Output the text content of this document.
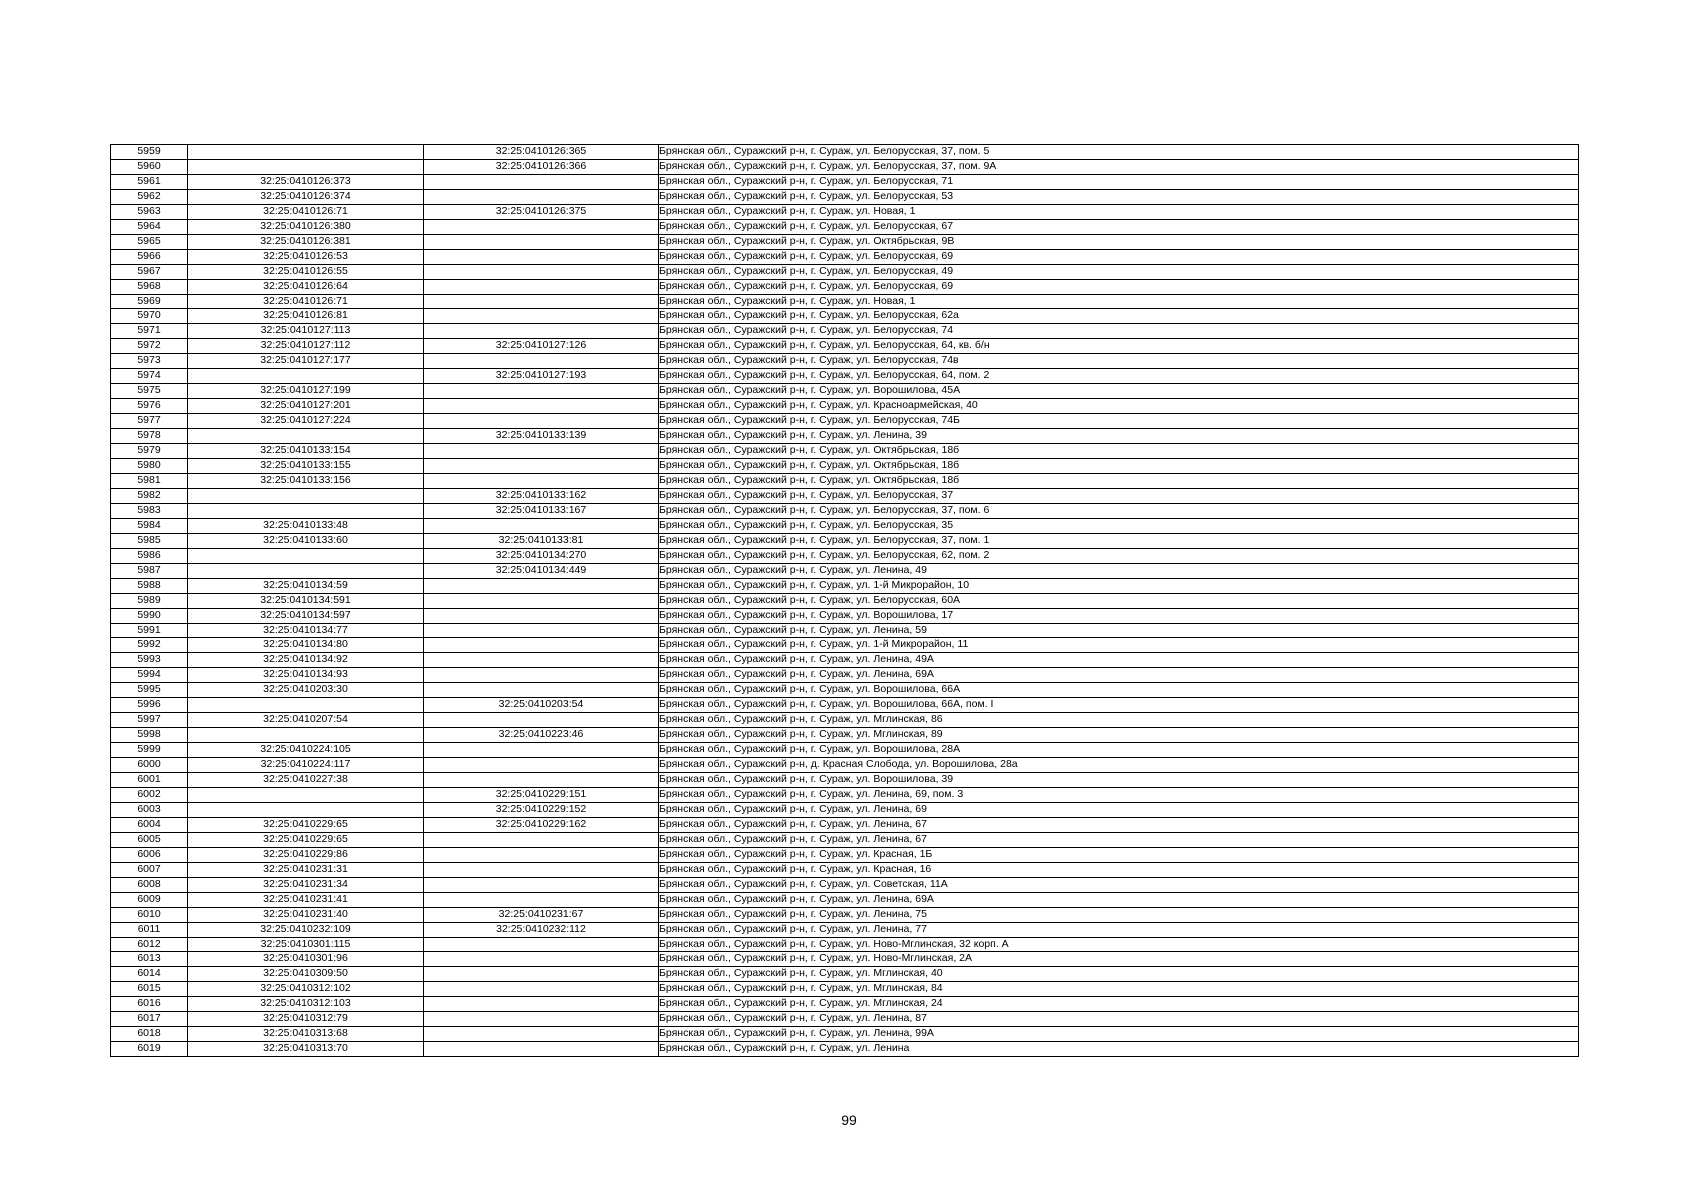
5959		32:25:0410126:365	Брянская обл., Суражский р-н, г. Сураж, ул. Белорусская, 37, пом. 5
5960		32:25:0410126:366	Брянская обл., Суражский р-н, г. Сураж, ул. Белорусская, 37, пом. 9А
5961	32:25:0410126:373		Брянская обл., Суражский р-н, г. Сураж, ул. Белорусская, 71
5962	32:25:0410126:374		Брянская обл., Суражский р-н, г. Сураж, ул. Белорусская, 53
5963	32:25:0410126:71	32:25:0410126:375	Брянская обл., Суражский р-н, г. Сураж, ул. Новая, 1
5964	32:25:0410126:380		Брянская обл., Суражский р-н, г. Сураж, ул. Белорусская, 67
5965	32:25:0410126:381		Брянская обл., Суражский р-н, г. Сураж, ул. Октябрьская, 9В
5966	32:25:0410126:53		Брянская обл., Суражский р-н, г. Сураж, ул. Белорусская, 69
5967	32:25:0410126:55		Брянская обл., Суражский р-н, г. Сураж, ул. Белорусская, 49
5968	32:25:0410126:64		Брянская обл., Суражский р-н, г. Сураж, ул. Белорусская, 69
5969	32:25:0410126:71		Брянская обл., Суражский р-н, г. Сураж, ул. Новая, 1
5970	32:25:0410126:81		Брянская обл., Суражский р-н, г. Сураж, ул. Белорусская, 62а
5971	32:25:0410127:113		Брянская обл., Суражский р-н, г. Сураж, ул. Белорусская, 74
5972	32:25:0410127:112	32:25:0410127:126	Брянская обл., Суражский р-н, г. Сураж, ул. Белорусская, 64, кв. б/н
5973	32:25:0410127:177		Брянская обл., Суражский р-н, г. Сураж, ул. Белорусская, 74в
5974		32:25:0410127:193	Брянская обл., Суражский р-н, г. Сураж, ул. Белорусская, 64, пом. 2
5975	32:25:0410127:199		Брянская обл., Суражский р-н, г. Сураж, ул. Ворошилова, 45А
5976	32:25:0410127:201		Брянская обл., Суражский р-н, г. Сураж, ул. Красноармейская, 40
5977	32:25:0410127:224		Брянская обл., Суражский р-н, г. Сураж, ул. Белорусская, 74Б
5978		32:25:0410133:139	Брянская обл., Суражский р-н, г. Сураж, ул. Ленина, 39
5979	32:25:0410133:154		Брянская обл., Суражский р-н, г. Сураж, ул. Октябрьская, 18б
5980	32:25:0410133:155		Брянская обл., Суражский р-н, г. Сураж, ул. Октябрьская, 18б
5981	32:25:0410133:156		Брянская обл., Суражский р-н, г. Сураж, ул. Октябрьская, 18б
5982		32:25:0410133:162	Брянская обл., Суражский р-н, г. Сураж, ул. Белорусская, 37
5983		32:25:0410133:167	Брянская обл., Суражский р-н, г. Сураж, ул. Белорусская, 37, пом. 6
5984	32:25:0410133:48		Брянская обл., Суражский р-н, г. Сураж, ул. Белорусская, 35
5985	32:25:0410133:60	32:25:0410133:81	Брянская обл., Суражский р-н, г. Сураж, ул. Белорусская, 37, пом. 1
5986		32:25:0410134:270	Брянская обл., Суражский р-н, г. Сураж, ул. Белорусская, 62, пом. 2
5987		32:25:0410134:449	Брянская обл., Суражский р-н, г. Сураж, ул. Ленина, 49
5988	32:25:0410134:59		Брянская обл., Суражский р-н, г. Сураж, ул. 1-й Микрорайон, 10
5989	32:25:0410134:591		Брянская обл., Суражский р-н, г. Сураж, ул. Белорусская, 60А
5990	32:25:0410134:597		Брянская обл., Суражский р-н, г. Сураж, ул. Ворошилова, 17
5991	32:25:0410134:77		Брянская обл., Суражский р-н, г. Сураж, ул. Ленина, 59
5992	32:25:0410134:80		Брянская обл., Суражский р-н, г. Сураж, ул. 1-й Микрорайон, 11
5993	32:25:0410134:92		Брянская обл., Суражский р-н, г. Сураж, ул. Ленина, 49А
5994	32:25:0410134:93		Брянская обл., Суражский р-н, г. Сураж, ул. Ленина, 69А
5995	32:25:0410203:30		Брянская обл., Суражский р-н, г. Сураж, ул. Ворошилова, 66А
5996		32:25:0410203:54	Брянская обл., Суражский р-н, г. Сураж, ул. Ворошилова, 66А, пом. I
5997	32:25:0410207:54		Брянская обл., Суражский р-н, г. Сураж, ул. Мглинская, 86
5998		32:25:0410223:46	Брянская обл., Суражский р-н, г. Сураж, ул. Мглинская, 89
5999	32:25:0410224:105		Брянская обл., Суражский р-н, г. Сураж, ул. Ворошилова, 28А
6000	32:25:0410224:117		Брянская обл., Суражский р-н, д. Красная Слобода, ул. Ворошилова, 28а
6001	32:25:0410227:38		Брянская обл., Суражский р-н, г. Сураж, ул. Ворошилова, 39
6002		32:25:0410229:151	Брянская обл., Суражский р-н, г. Сураж, ул. Ленина, 69, пом. 3
6003		32:25:0410229:152	Брянская обл., Суражский р-н, г. Сураж, ул. Ленина, 69
6004	32:25:0410229:65	32:25:0410229:162	Брянская обл., Суражский р-н, г. Сураж, ул. Ленина, 67
6005	32:25:0410229:65		Брянская обл., Суражский р-н, г. Сураж, ул. Ленина, 67
6006	32:25:0410229:86		Брянская обл., Суражский р-н, г. Сураж, ул. Красная, 1Б
6007	32:25:0410231:31		Брянская обл., Суражский р-н, г. Сураж, ул. Красная, 16
6008	32:25:0410231:34		Брянская обл., Суражский р-н, г. Сураж, ул. Советская, 11А
6009	32:25:0410231:41		Брянская обл., Суражский р-н, г. Сураж, ул. Ленина, 69А
6010	32:25:0410231:40	32:25:0410231:67	Брянская обл., Суражский р-н, г. Сураж, ул. Ленина, 75
6011	32:25:0410232:109	32:25:0410232:112	Брянская обл., Суражский р-н, г. Сураж, ул. Ленина, 77
6012	32:25:0410301:115		Брянская обл., Суражский р-н, г. Сураж, ул. Ново-Мглинская, 32 корп. А
6013	32:25:0410301:96		Брянская обл., Суражский р-н, г. Сураж, ул. Ново-Мглинская, 2А
6014	32:25:0410309:50		Брянская обл., Суражский р-н, г. Сураж, ул. Мглинская, 40
6015	32:25:0410312:102		Брянская обл., Суражский р-н, г. Сураж, ул. Мглинская, 84
6016	32:25:0410312:103		Брянская обл., Суражский р-н, г. Сураж, ул. Мглинская, 24
6017	32:25:0410312:79		Брянская обл., Суражский р-н, г. Сураж, ул. Ленина, 87
6018	32:25:0410313:68		Брянская обл., Суражский р-н, г. Сураж, ул. Ленина, 99А
6019	32:25:0410313:70		Брянская обл., Суражский р-н, г. Сураж, ул. Ленина
99
